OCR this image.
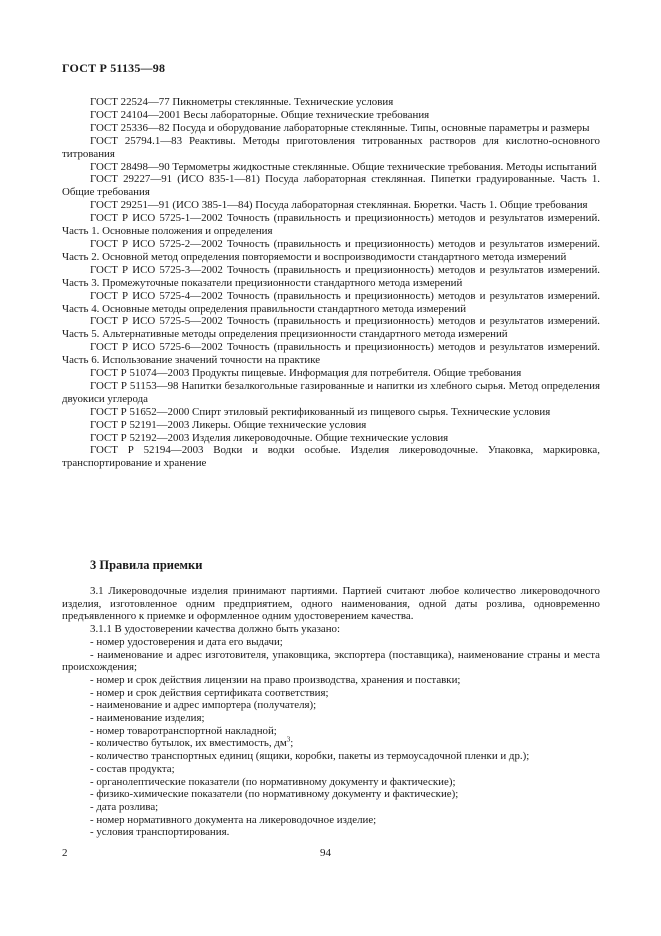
ГОСТ Р 51135—98

ГОСТ 22524—77 Пикнометры стеклянные. Технические условия

ГОСТ 24104—2001 Весы лабораторные. Общие технические требования

ГОСТ 25336—82 Посуда и оборудование лабораторные стеклянные. Типы, основные параметры и размеры

ГОСТ 25794.1—83 Реактивы. Методы приготовления титрованных растворов для кислотно-основного титрования

ГОСТ 28498—90 Термометры жидкостные стеклянные. Общие технические требования. Методы испытаний

ГОСТ 29227—91 (ИСО 835-1—81) Посуда лабораторная стеклянная. Пипетки градуированные. Часть 1. Общие требования

ГОСТ 29251—91 (ИСО 385-1—84) Посуда лабораторная стеклянная. Бюретки. Часть 1. Общие требования

ГОСТ Р ИСО 5725-1—2002 Точность (правильность и прецизионность) методов и результатов измерений. Часть 1. Основные положения и определения

ГОСТ Р ИСО 5725-2—2002 Точность (правильность и прецизионность) методов и результатов измерений. Часть 2. Основной метод определения повторяемости и воспроизводимости стандартного метода измерений

ГОСТ Р ИСО 5725-3—2002 Точность (правильность и прецизионность) методов и результатов измерений. Часть 3. Промежуточные показатели прецизионности стандартного метода измерений

ГОСТ Р ИСО 5725-4—2002 Точность (правильность и прецизионность) методов и результатов измерений. Часть 4. Основные методы определения правильности стандартного метода измерений

ГОСТ Р ИСО 5725-5—2002 Точность (правильность и прецизионность) методов и результатов измерений. Часть 5. Альтернативные методы определения прецизионности стандартного метода измерений

ГОСТ Р ИСО 5725-6—2002 Точность (правильность и прецизионность) методов и результатов измерений. Часть 6. Использование значений точности на практике

ГОСТ Р 51074—2003 Продукты пищевые. Информация для потребителя. Общие требования

ГОСТ Р 51153—98 Напитки безалкогольные газированные и напитки из хлебного сырья. Метод определения двуокиси углерода

ГОСТ Р 51652—2000 Спирт этиловый ректификованный из пищевого сырья. Технические условия

ГОСТ Р 52191—2003 Ликеры. Общие технические условия

ГОСТ Р 52192—2003 Изделия ликероводочные. Общие технические условия

ГОСТ Р 52194—2003 Водки и водки особые. Изделия ликероводочные. Упаковка, маркировка, транспортирование и хранение

3 Правила приемки

3.1 Ликероводочные изделия принимают партиями. Партией считают любое количество ликероводочного изделия, изготовленное одним предприятием, одного наименования, одной даты розлива, одновременно предъявленного к приемке и оформленное одним удостоверением качества.

3.1.1 В удостоверении качества должно быть указано:

- номер удостоверения и дата его выдачи;

- наименование и адрес изготовителя, упаковщика, экспортера (поставщика), наименование страны и места происхождения;

- номер и срок действия лицензии на право производства, хранения и поставки;

- номер и срок действия сертификата соответствия;

- наименование и адрес импортера (получателя);

- наименование изделия;

- номер товаротранспортной накладной;

- количество бутылок, их вместимость, $дм^3$;

- количество транспортных единиц (ящики, коробки, пакеты из термоусадочной пленки и др.);

- состав продукта;

- органолептические показатели (по нормативному документу и фактические);

- физико-химические показатели (по нормативному документу и фактические);

- дата розлива;

- номер нормативного документа на ликероводочное изделие;

- условия транспортирования.

2	94
